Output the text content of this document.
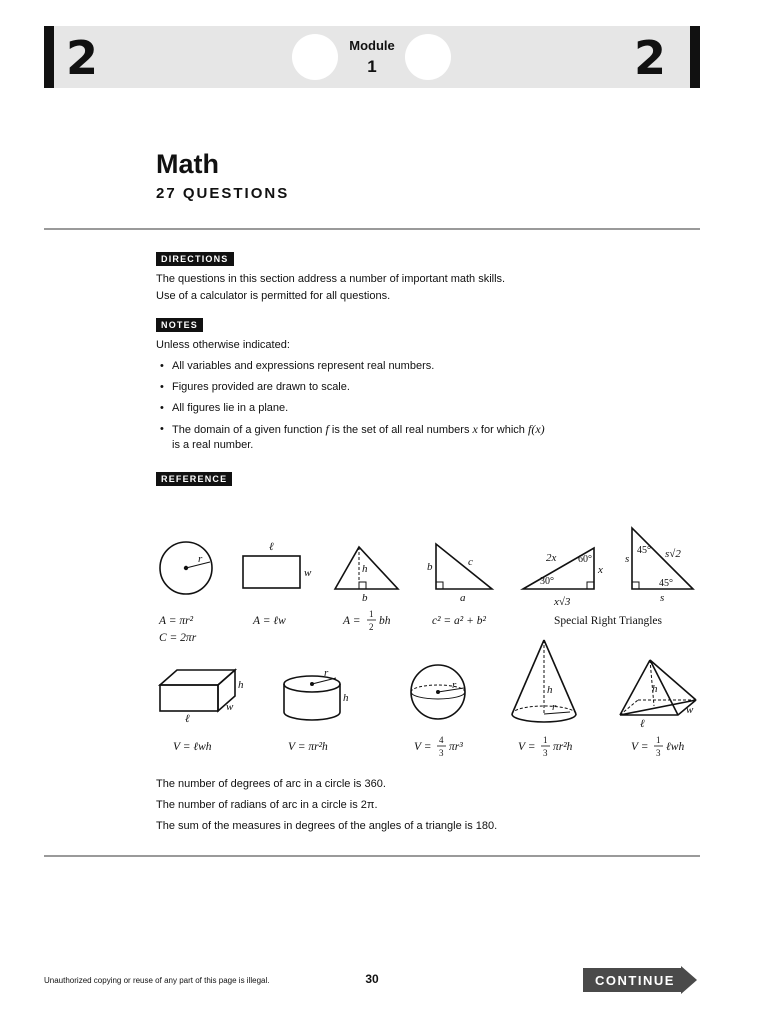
2	2
Module
1
Math
27 QUESTIONS
DIRECTIONS
The questions in this section address a number of important math skills.
Use of a calculator is permitted for all questions.
NOTES
Unless otherwise indicated:
• All variables and expressions represent real numbers.
• Figures provided are drawn to scale.
• All figures lie in a plane.
• The domain of a given function f is the set of all real numbers x for which f(x)
is a real number.
REFERENCE
r
ℓ
w	h
b
b
a
c	2x
x
s	s√2
s
x√3
h
w
ℓ
r
h
r	h
r
h
w
ℓ
60°
30°
45°
45°
A = πr²
C = 2πr
A = ℓw	A =
1
2 bh	c² = a² + b²	Special Right Triangles
V = ℓwh	V = πr²h	V =
4
3 πr³	V =
1
3 πr²h	V =
1
3 ℓwh
The number of degrees of arc in a circle is 360.
The number of radians of arc in a circle is 2π.
The sum of the measures in degrees of the angles of a triangle is 180.
Unauthorized copying or reuse of any part of this page is illegal.	30	CONTINUE
